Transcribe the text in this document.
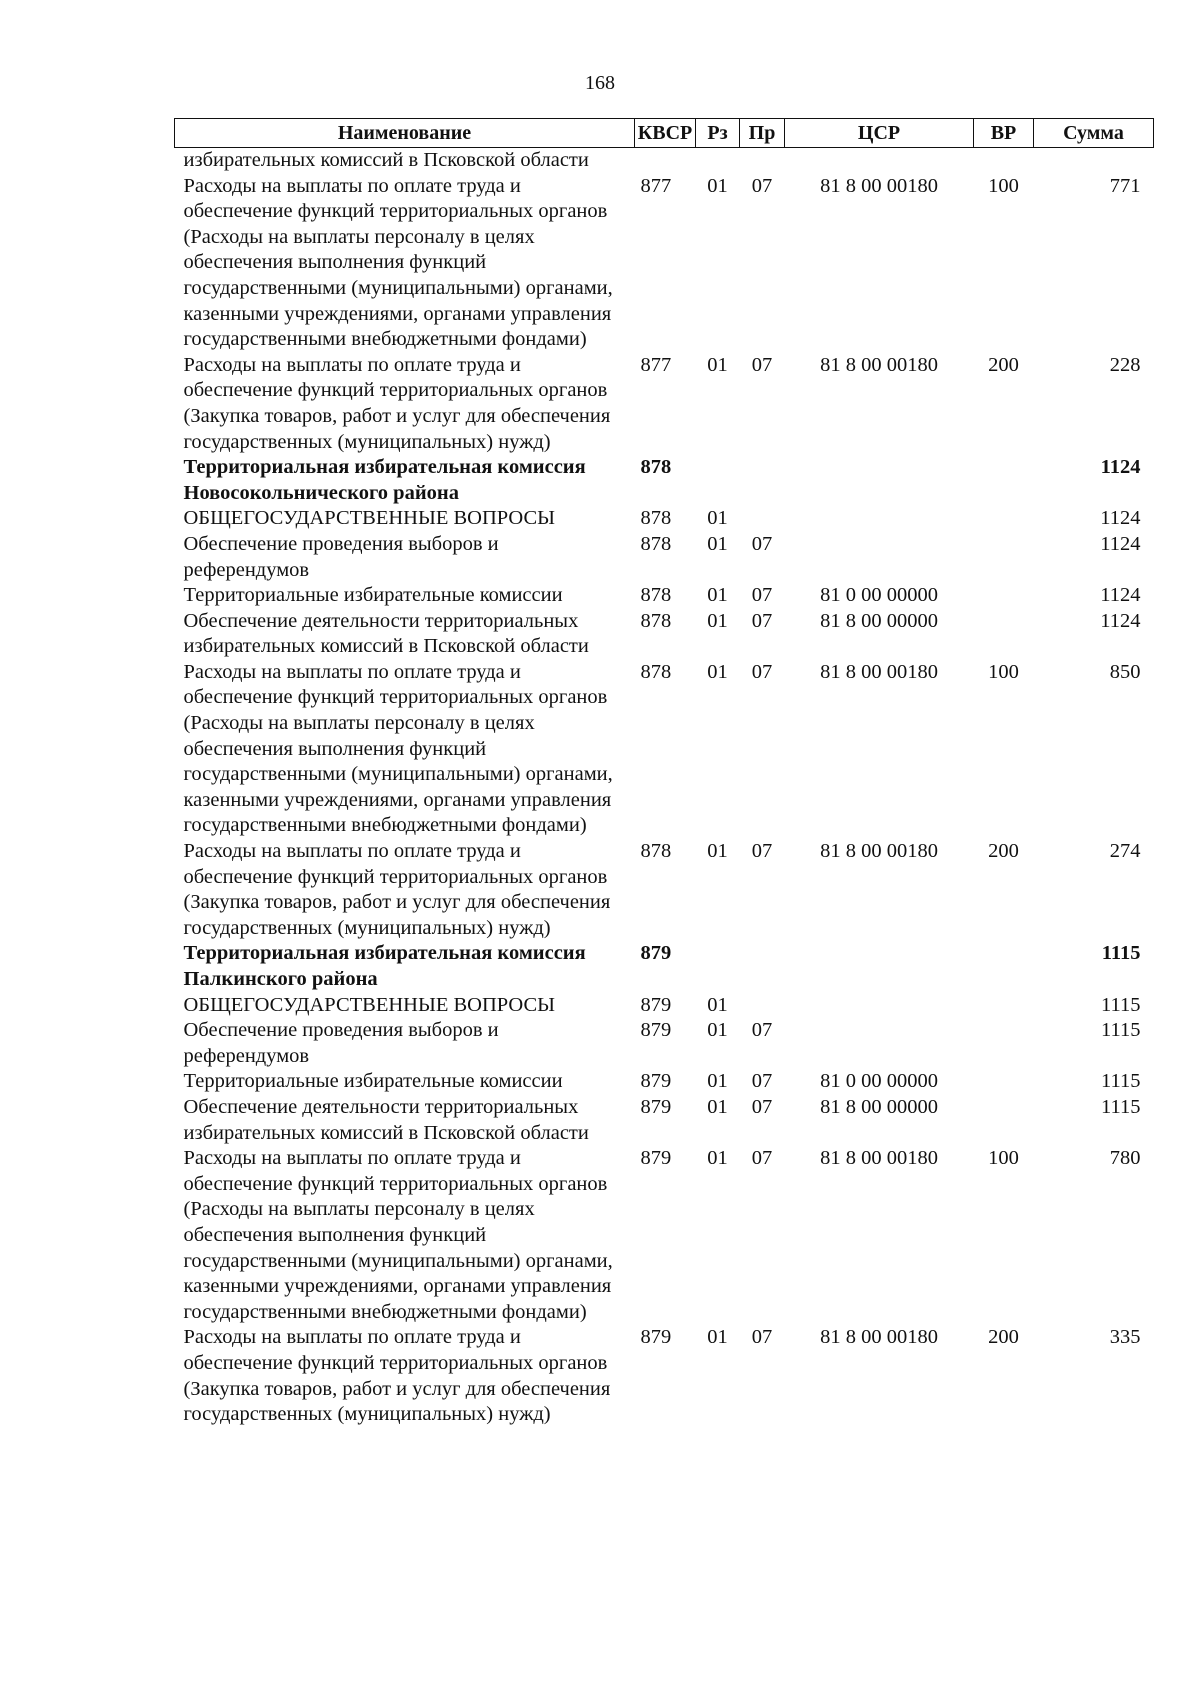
168
Наименование	КВСР	Рз	Пр	ЦСР	ВР	Сумма
избирательных комиссий в Псковской области						
Расходы на выплаты по оплате труда и обеспечение функций территориальных органов (Расходы на выплаты персоналу в целях обеспечения выполнения функций государственными (муниципальными) органами, казенными учреждениями, органами управления государственными внебюджетными фондами)	877	01	07	81 8 00 00180	100	771
Расходы на выплаты по оплате труда и обеспечение функций территориальных органов (Закупка товаров, работ и услуг для обеспечения государственных (муниципальных) нужд)	877	01	07	81 8 00 00180	200	228
Территориальная избирательная комиссия Новосокольнического района	878					1124
ОБЩЕГОСУДАРСТВЕННЫЕ ВОПРОСЫ	878	01				1124
Обеспечение проведения выборов и референдумов	878	01	07			1124
Территориальные избирательные комиссии	878	01	07	81 0 00 00000		1124
Обеспечение деятельности территориальных избирательных комиссий в Псковской области	878	01	07	81 8 00 00000		1124
Расходы на выплаты по оплате труда и обеспечение функций территориальных органов (Расходы на выплаты персоналу в целях обеспечения выполнения функций государственными (муниципальными) органами, казенными учреждениями, органами управления государственными внебюджетными фондами)	878	01	07	81 8 00 00180	100	850
Расходы на выплаты по оплате труда и обеспечение функций территориальных органов (Закупка товаров, работ и услуг для обеспечения государственных (муниципальных) нужд)	878	01	07	81 8 00 00180	200	274
Территориальная избирательная комиссия Палкинского района	879					1115
ОБЩЕГОСУДАРСТВЕННЫЕ ВОПРОСЫ	879	01				1115
Обеспечение проведения выборов и референдумов	879	01	07			1115
Территориальные избирательные комиссии	879	01	07	81 0 00 00000		1115
Обеспечение деятельности территориальных избирательных комиссий в Псковской области	879	01	07	81 8 00 00000		1115
Расходы на выплаты по оплате труда и обеспечение функций территориальных органов (Расходы на выплаты персоналу в целях обеспечения выполнения функций государственными (муниципальными) органами, казенными учреждениями, органами управления государственными внебюджетными фондами)	879	01	07	81 8 00 00180	100	780
Расходы на выплаты по оплате труда и обеспечение функций территориальных органов (Закупка товаров, работ и услуг для обеспечения государственных (муниципальных) нужд)	879	01	07	81 8 00 00180	200	335
